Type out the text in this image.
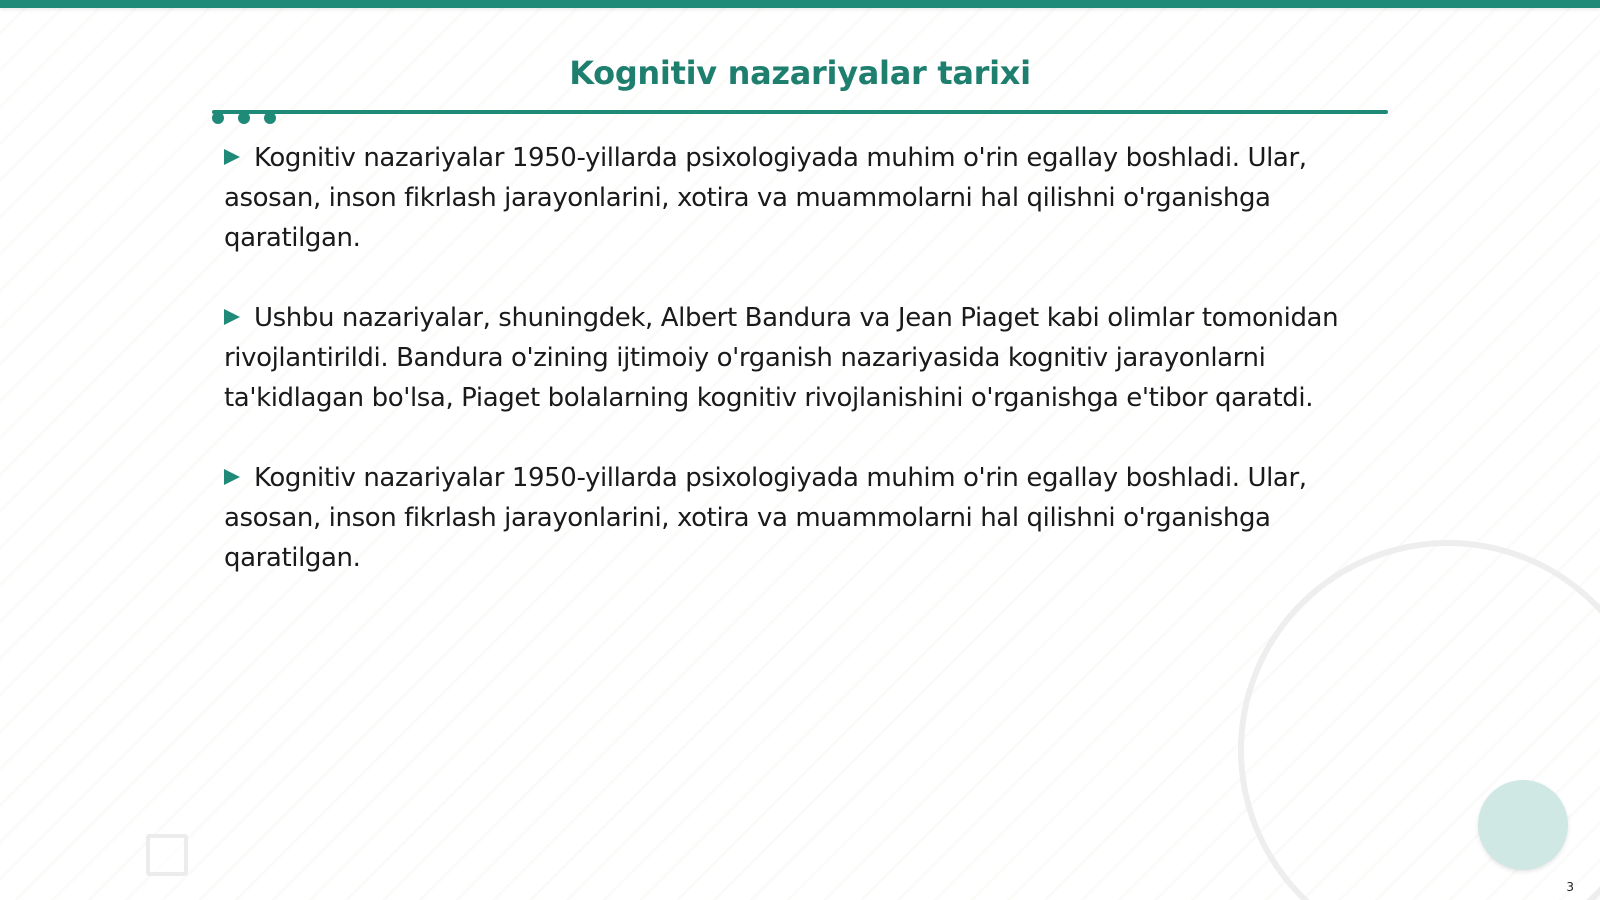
Kognitiv nazariyalar tarixi

Kognitiv nazariyalar 1950-yillarda psixologiyada muhim o'rin egallay boshladi. Ular, asosan, inson fikrlash jarayonlarini, xotira va muammolarni hal qilishni o'rganishga qaratilgan.

Ushbu nazariyalar, shuningdek, Albert Bandura va Jean Piaget kabi olimlar tomonidan rivojlantirildi. Bandura o'zining ijtimoiy o'rganish nazariyasida kognitiv jarayonlarni ta'kidlagan bo'lsa, Piaget bolalarning kognitiv rivojlanishini o'rganishga e'tibor qaratdi.

Kognitiv nazariyalar 1950-yillarda psixologiyada muhim o'rin egallay boshladi. Ular, asosan, inson fikrlash jarayonlarini, xotira va muammolarni hal qilishni o'rganishga qaratilgan.

3
